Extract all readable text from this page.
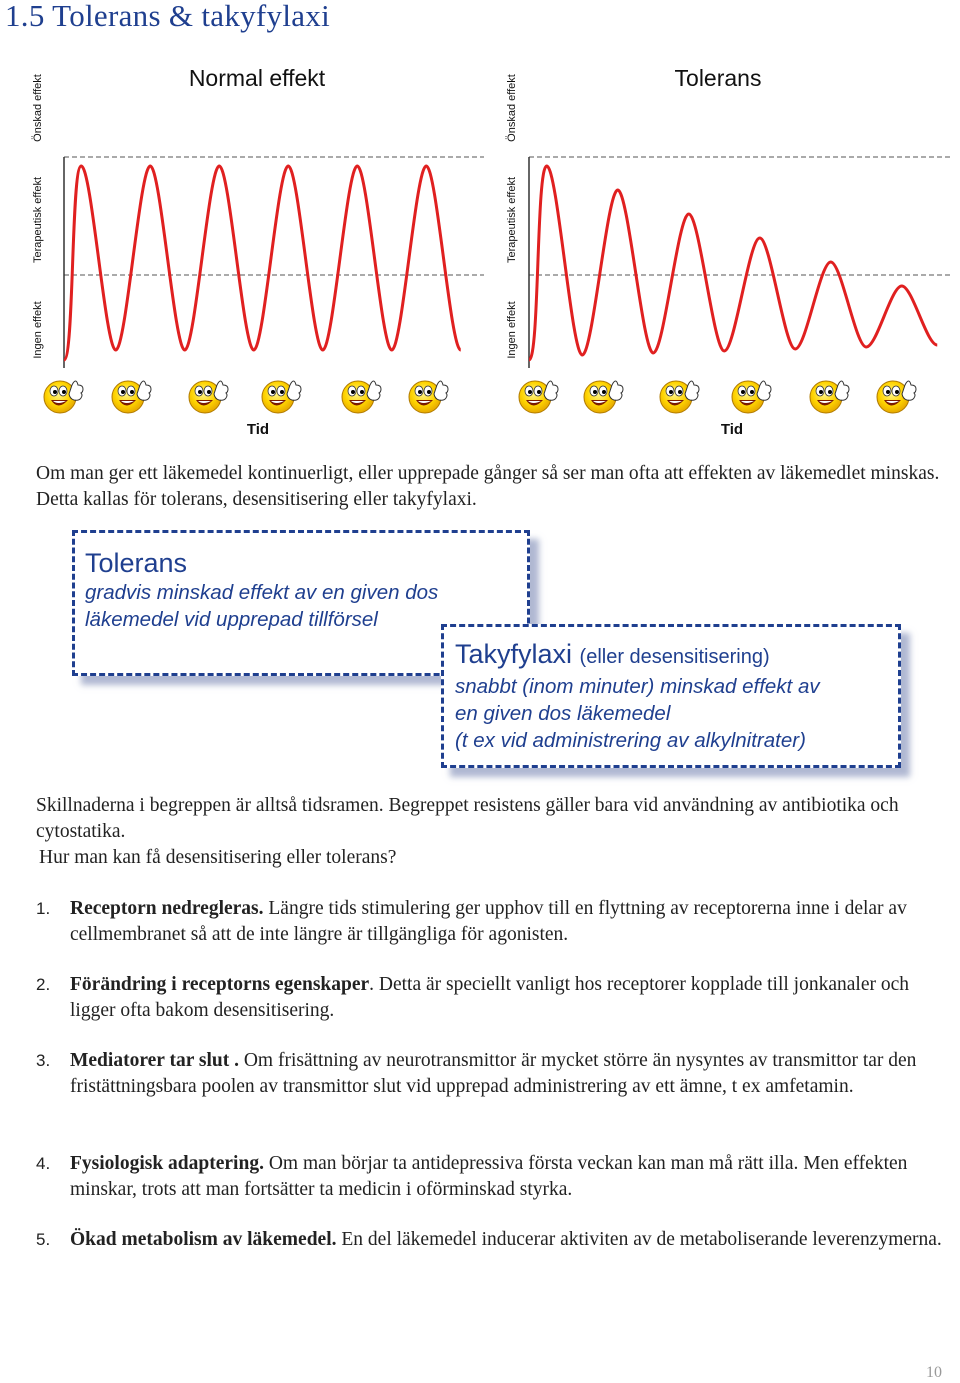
1.5 Tolerans & takyfylaxi
Normal effekt
Önskad effekt
Terapeutisk effekt
Ingen effekt
Tid
Tolerans
Önskad effekt
Terapeutisk effekt
Ingen effekt
Tid
Om man ger ett läkemedel kontinuerligt, eller upprepade gånger så ser man ofta att effekten av läkemedlet minskas. Detta kallas för tolerans, desensitisering eller takyfylaxi.
Tolerans
gradvis minskad effekt av en given dos
läkemedel vid upprepad tillförsel
Takyfylaxi (eller desensitisering)
snabbt (inom minuter) minskad effekt av
en given dos läkemedel
(t ex vid administrering av alkylnitrater)
Skillnaderna i begreppen är alltså tidsramen. Begreppet resistens gäller bara vid användning av antibiotika och cytostatika.
Hur man kan få desensitisering eller tolerans?
1. Receptorn nedregleras. Längre tids stimulering ger upphov till en flyttning av receptorerna inne i delar av cellmembranet så att de inte längre är tillgängliga för agonisten.
2. Förändring i receptorns egenskaper. Detta är speciellt vanligt hos receptorer kopplade till jonkanaler och ligger ofta bakom desensitisering.
3. Mediatorer tar slut . Om frisättning av neurotransmittor är mycket större än nysyntes av transmittor tar den fristättningsbara poolen av transmittor slut vid upprepad administrering av ett ämne, t ex amfetamin.
4. Fysiologisk adaptering. Om man börjar ta antidepressiva första veckan kan man må rätt illa. Men effekten minskar, trots att man fortsätter ta medicin i oförminskad styrka.
5. Ökad metabolism av läkemedel. En del läkemedel inducerar aktiviten av de metaboliserande leverenzymerna.
10
